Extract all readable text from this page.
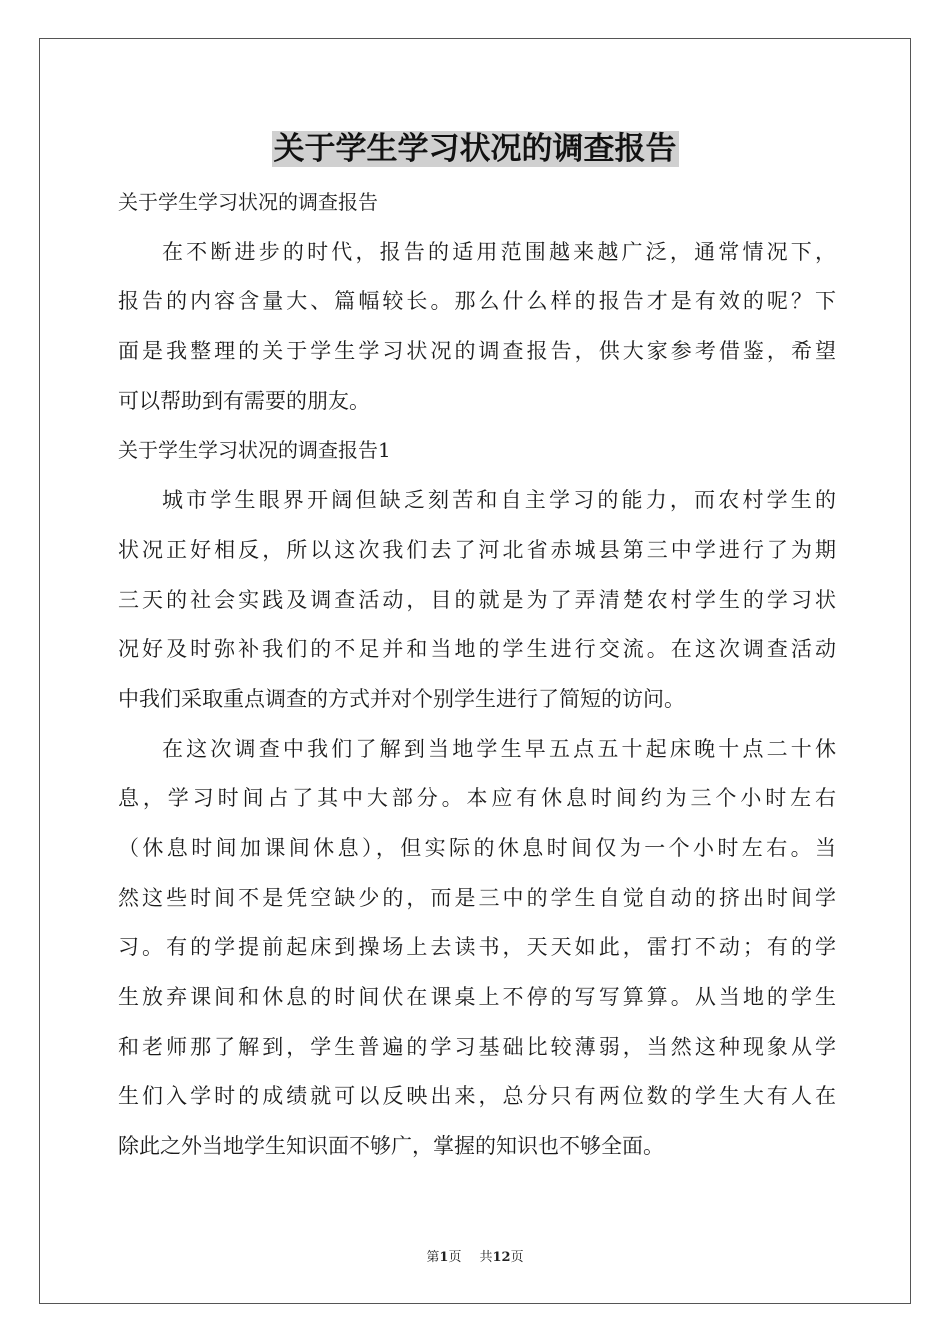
关于学生学习状况的调查报告

关于学生学习状况的调查报告

在不断进步的时代，报告的适用范围越来越广泛，通常情况下，

报告的内容含量大、篇幅较长。那么什么样的报告才是有效的呢？下

面是我整理的关于学生学习状况的调查报告，供大家参考借鉴，希望

可以帮助到有需要的朋友。

关于学生学习状况的调查报告1

城市学生眼界开阔但缺乏刻苦和自主学习的能力，而农村学生的

状况正好相反，所以这次我们去了河北省赤城县第三中学进行了为期

三天的社会实践及调查活动，目的就是为了弄清楚农村学生的学习状

况好及时弥补我们的不足并和当地的学生进行交流。在这次调查活动

中我们采取重点调查的方式并对个别学生进行了简短的访问。

在这次调查中我们了解到当地学生早五点五十起床晚十点二十休

息，学习时间占了其中大部分。本应有休息时间约为三个小时左右

（休息时间加课间休息），但实际的休息时间仅为一个小时左右。当

然这些时间不是凭空缺少的，而是三中的学生自觉自动的挤出时间学

习。有的学提前起床到操场上去读书，天天如此，雷打不动；有的学

生放弃课间和休息的时间伏在课桌上不停的写写算算。从当地的学生

和老师那了解到，学生普遍的学习基础比较薄弱，当然这种现象从学

生们入学时的成绩就可以反映出来，总分只有两位数的学生大有人在

除此之外当地学生知识面不够广，掌握的知识也不够全面。

第1页 共12页
